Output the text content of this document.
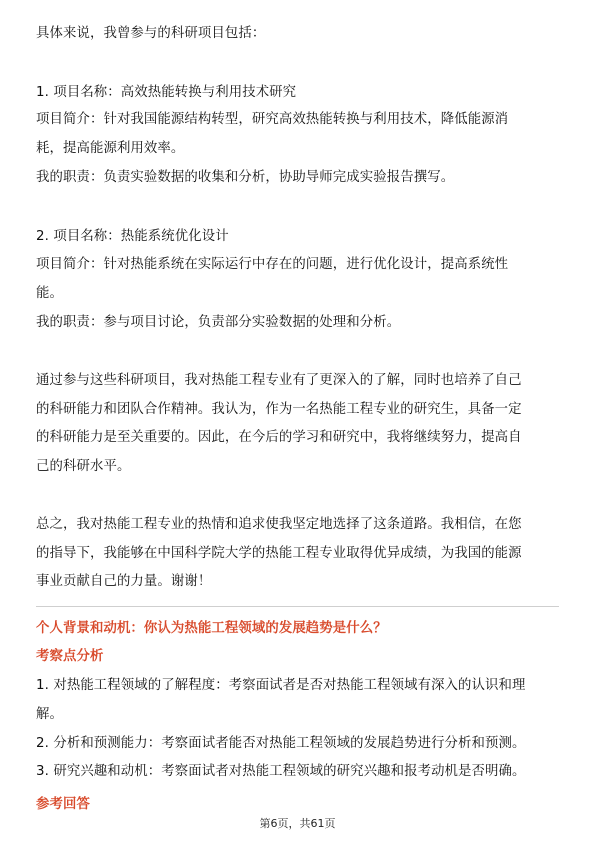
具体来说，我曾参与的科研项目包括：
1. 项目名称：高效热能转换与利用技术研究
项目简介：针对我国能源结构转型，研究高效热能转换与利用技术，降低能源消
耗，提高能源利用效率。
我的职责：负责实验数据的收集和分析，协助导师完成实验报告撰写。
2. 项目名称：热能系统优化设计
项目简介：针对热能系统在实际运行中存在的问题，进行优化设计，提高系统性
能。
我的职责：参与项目讨论，负责部分实验数据的处理和分析。
通过参与这些科研项目，我对热能工程专业有了更深入的了解，同时也培养了自己
的科研能力和团队合作精神。我认为，作为一名热能工程专业的研究生，具备一定
的科研能力是至关重要的。因此，在今后的学习和研究中，我将继续努力，提高自
己的科研水平。
总之，我对热能工程专业的热情和追求使我坚定地选择了这条道路。我相信，在您
的指导下，我能够在中国科学院大学的热能工程专业取得优异成绩，为我国的能源
事业贡献自己的力量。谢谢！
个人背景和动机：你认为热能工程领域的发展趋势是什么？
考察点分析
1. 对热能工程领域的了解程度：考察面试者是否对热能工程领域有深入的认识和理
解。
2. 分析和预测能力：考察面试者能否对热能工程领域的发展趋势进行分析和预测。
3. 研究兴趣和动机：考察面试者对热能工程领域的研究兴趣和报考动机是否明确。
参考回答
第6页，共61页
